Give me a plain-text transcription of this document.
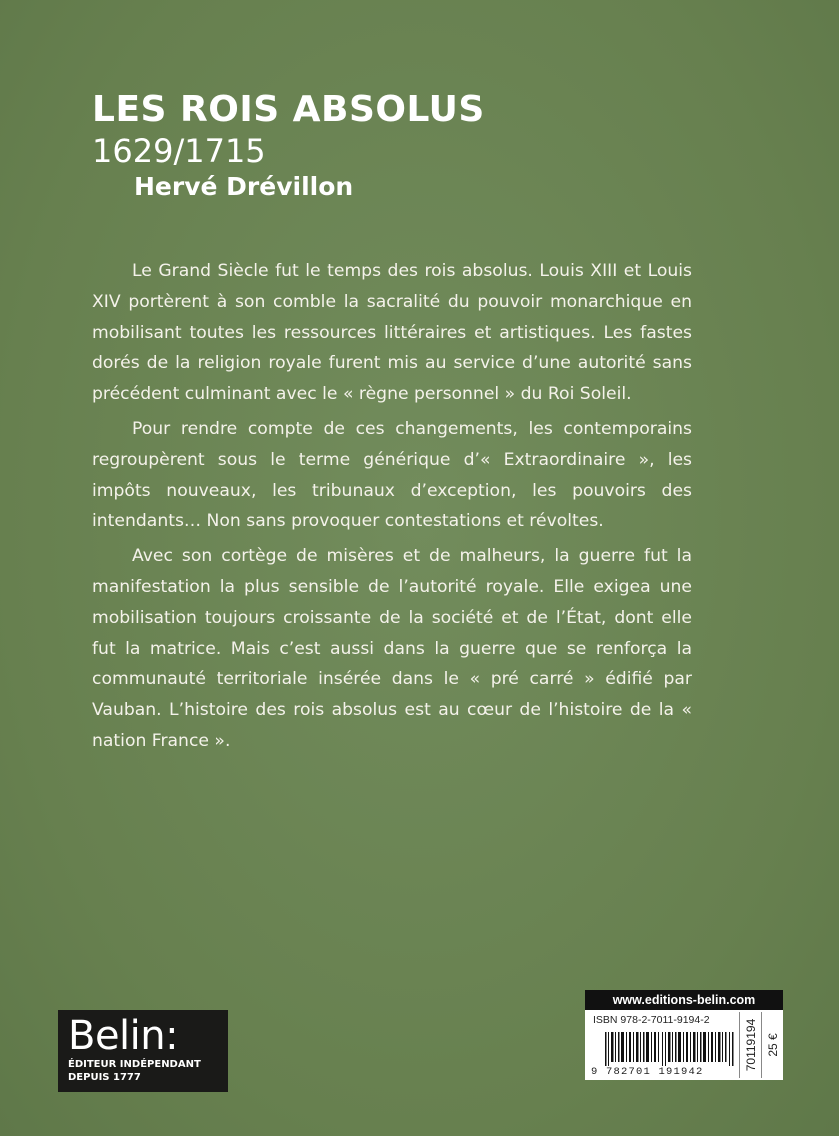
LES ROIS ABSOLUS
1629/1715
Hervé Drévillon

Le Grand Siècle fut le temps des rois absolus. Louis XIII et Louis XIV portèrent à son comble la sacralité du pouvoir monarchique en mobilisant toutes les ressources littéraires et artistiques. Les fastes dorés de la religion royale furent mis au service d’une autorité sans précédent culminant avec le « règne personnel » du Roi Soleil.

Pour rendre compte de ces changements, les contemporains regroupèrent sous le terme générique d’« Extraordinaire », les impôts nouveaux, les tribunaux d’exception, les pouvoirs des intendants… Non sans provoquer contestations et révoltes.

Avec son cortège de misères et de malheurs, la guerre fut la manifestation la plus sensible de l’autorité royale. Elle exigea une mobilisation toujours croissante de la société et de l’État, dont elle fut la matrice. Mais c’est aussi dans la guerre que se renforça la communauté territoriale insérée dans le « pré carré » édifié par Vauban. L’histoire des rois absolus est au cœur de l’histoire de la « nation France ».

Belin:
ÉDITEUR INDÉPENDANT
DEPUIS 1777
www.editions-belin.com
ISBN 978-2-7011-9194-2
9 782701 191942
70119194 25 €
